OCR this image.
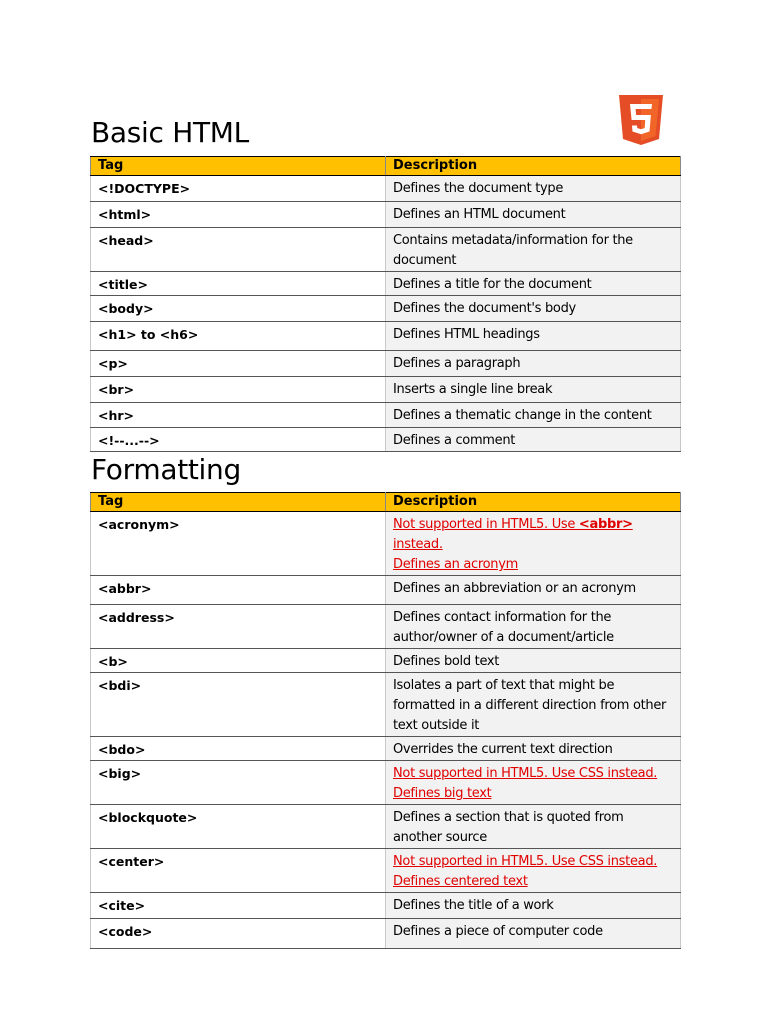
Basic HTML
Tag	Description
<!DOCTYPE>	Defines the document type
<html>	Defines an HTML document
<head>	Contains metadata/information for the document
<title>	Defines a title for the document
<body>	Defines the document's body
<h1> to <h6>	Defines HTML headings
<p>	Defines a paragraph
<br>	Inserts a single line break
<hr>	Defines a thematic change in the content
<!--...-->	Defines a comment
Formatting
Tag	Description
<acronym>	Not supported in HTML5. Use <abbr> instead.
Defines an acronym

<abbr>	Defines an abbreviation or an acronym
<address>	Defines contact information for the author/owner of a document/article
<b>	Defines bold text
<bdi>	Isolates a part of text that might be formatted in a different direction from other text outside it
<bdo>	Overrides the current text direction
<big>	Not supported in HTML5. Use CSS instead.
Defines big text

<blockquote>	Defines a section that is quoted from another source
<center>	Not supported in HTML5. Use CSS instead.
Defines centered text

<cite>	Defines the title of a work
<code>	Defines a piece of computer code
